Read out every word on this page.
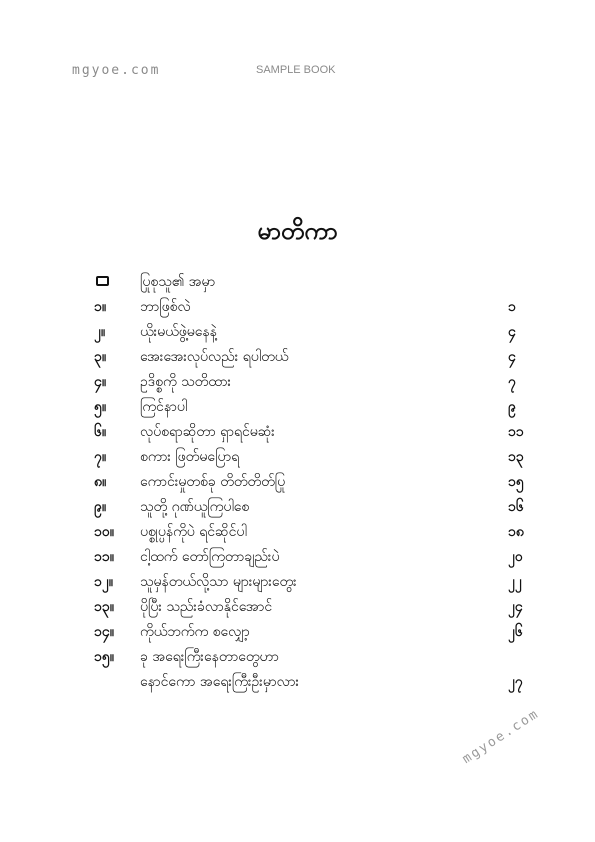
mgyoe.com	SAMPLE BOOK
မာတိကာ
ပြုစုသူ၏ အမှာ
၁။ ဘာဖြစ်လဲ	၁
၂။ ယိုးမယ်ဖွဲ့မနေနဲ့	၄
၃။ အေးအေးလုပ်လည်း ရပါတယ်	၄
၄။ ဥဒိစ္စကို သတိထား	၇
၅။ ကြင်နာပါ	၉
၆။ လုပ်စရာဆိုတာ ရှာရင်မဆုံး	၁၁
၇။ စကား ဖြတ်မပြောရ	၁၃
၈။ ကောင်းမှုတစ်ခု တိတ်တိတ်ပြု	၁၅
၉။ သူတို့ ဂုဏ်ယူကြပါစေ	၁၆
၁၀။ ပစ္စုပ္ပန်ကိုပဲ ရင်ဆိုင်ပါ	၁၈
၁၁။ ငါ့ထက် တော်ကြတာချည်းပဲ	၂၀
၁၂။ သူမှန်တယ်လို့သာ များများတွေး	၂၂
၁၃။ ပိုပြီး သည်းခံလာနိုင်အောင်	၂၄
၁၄။ ကိုယ်ဘက်က စလျှော့	၂၆
၁၅။ ခု အရေးကြီးနေတာတွေဟာ
နောင်ကော အရေးကြီးဦးမှာလား	၂၇
mgyoe.com
